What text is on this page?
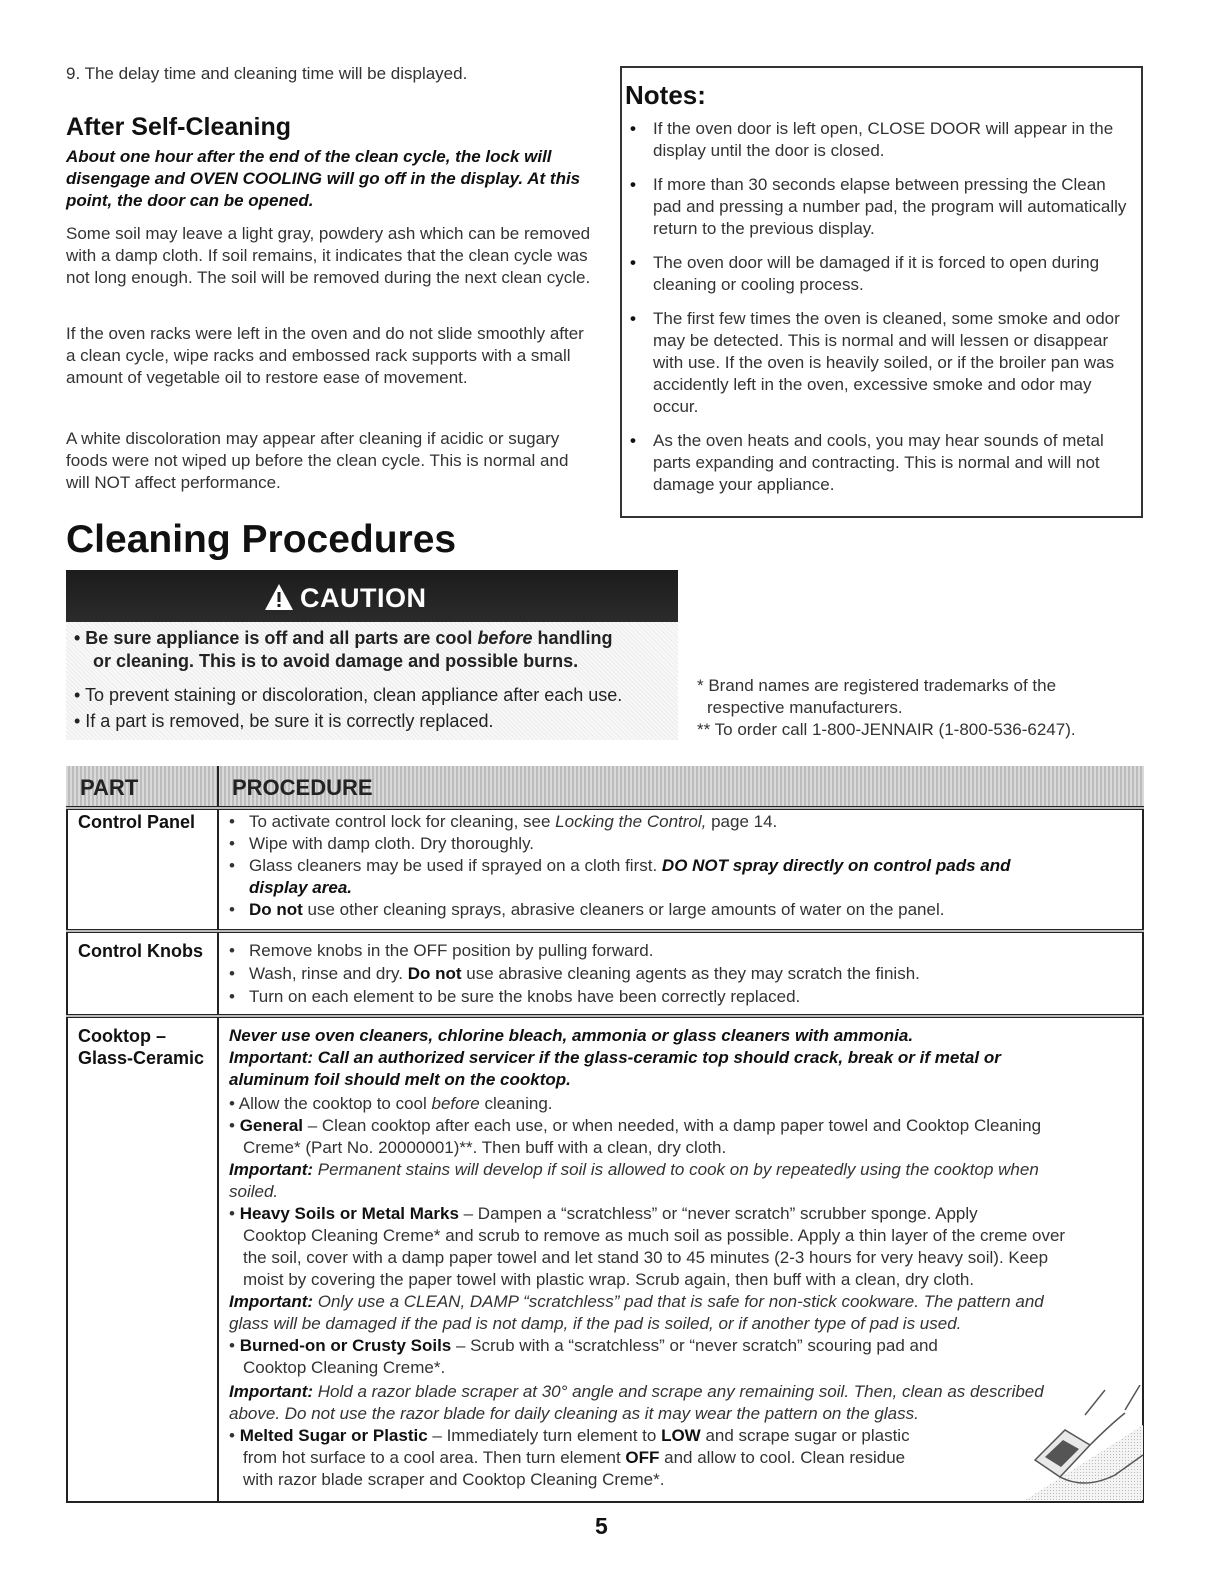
9. The delay time and cleaning time will be displayed.

After Self-Cleaning

About one hour after the end of the clean cycle, the lock will disengage and OVEN COOLING will go off in the display. At this point, the door can be opened.

Some soil may leave a light gray, powdery ash which can be removed with a damp cloth. If soil remains, it indicates that the clean cycle was not long enough. The soil will be removed during the next clean cycle.

If the oven racks were left in the oven and do not slide smoothly after a clean cycle, wipe racks and embossed rack supports with a small amount of vegetable oil to restore ease of movement.

A white discoloration may appear after cleaning if acidic or sugary foods were not wiped up before the clean cycle. This is normal and will NOT affect performance.

Notes:

• If the oven door is left open, CLOSE DOOR will appear in the display until the door is closed.
• If more than 30 seconds elapse between pressing the Clean pad and pressing a number pad, the program will automatically return to the previous display.
• The oven door will be damaged if it is forced to open during cleaning or cooling process.
• The first few times the oven is cleaned, some smoke and odor may be detected. This is normal and will lessen or disappear with use. If the oven is heavily soiled, or if the broiler pan was accidently left in the oven, excessive smoke and odor may occur.
• As the oven heats and cools, you may hear sounds of metal parts expanding and contracting. This is normal and will not damage your appliance.

Cleaning Procedures

CAUTION

• Be sure appliance is off and all parts are cool before handling

or cleaning. This is to avoid damage and possible burns.

• To prevent staining or discoloration, clean appliance after each use.

• If a part is removed, be sure it is correctly replaced.

* Brand names are registered trademarks of the

respective manufacturers.

** To order call 1-800-JENNAIR (1-800-536-6247).

PART	PROCEDURE
Control Panel • To activate control lock for cleaning, see Locking the Control, page 14.

• Wipe with damp cloth. Dry thoroughly.

• Glass cleaners may be used if sprayed on a cloth first. DO NOT spray directly on control pads and

display area.

• Do not use other cleaning sprays, abrasive cleaners or large amounts of water on the panel.

Control Knobs • Remove knobs in the OFF position by pulling forward.

• Wash, rinse and dry. Do not use abrasive cleaning agents as they may scratch the finish.

• Turn on each element to be sure the knobs have been correctly replaced.

Cooktop –
Glass-Ceramic

Never use oven cleaners, chlorine bleach, ammonia or glass cleaners with ammonia.

Important: Call an authorized servicer if the glass-ceramic top should crack, break or if metal or

aluminum foil should melt on the cooktop.

• Allow the cooktop to cool before cleaning.

• General – Clean cooktop after each use, or when needed, with a damp paper towel and Cooktop Cleaning

Creme* (Part No. 20000001)**. Then buff with a clean, dry cloth.

Important: Permanent stains will develop if soil is allowed to cook on by repeatedly using the cooktop when

soiled.

• Heavy Soils or Metal Marks – Dampen a “scratchless” or “never scratch” scrubber sponge. Apply

Cooktop Cleaning Creme* and scrub to remove as much soil as possible. Apply a thin layer of the creme over

the soil, cover with a damp paper towel and let stand 30 to 45 minutes (2-3 hours for very heavy soil). Keep

moist by covering the paper towel with plastic wrap. Scrub again, then buff with a clean, dry cloth.

Important: Only use a CLEAN, DAMP “scratchless” pad that is safe for non-stick cookware. The pattern and

glass will be damaged if the pad is not damp, if the pad is soiled, or if another type of pad is used.

• Burned-on or Crusty Soils – Scrub with a “scratchless” or “never scratch” scouring pad and

Cooktop Cleaning Creme*.

Important: Hold a razor blade scraper at 30° angle and scrape any remaining soil. Then, clean as described

above. Do not use the razor blade for daily cleaning as it may wear the pattern on the glass.

• Melted Sugar or Plastic – Immediately turn element to LOW and scrape sugar or plastic

from hot surface to a cool area. Then turn element OFF and allow to cool. Clean residue

with razor blade scraper and Cooktop Cleaning Creme*.

5
